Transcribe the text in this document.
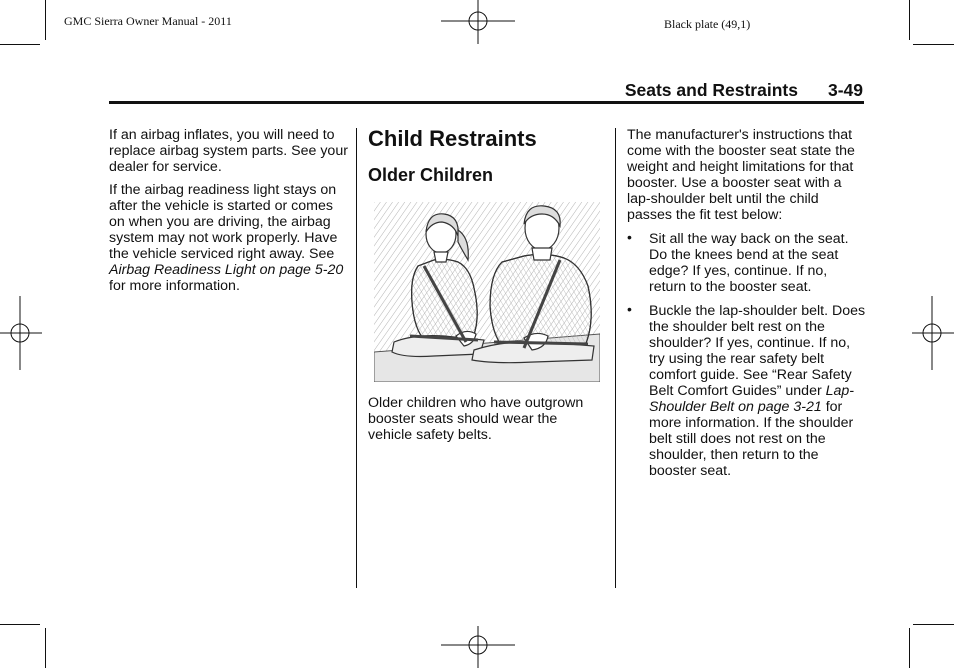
GMC Sierra Owner Manual - 2011	Black plate (49,1)
Seats and Restraints 3-49

If an airbag inflates, you will need to replace airbag system parts. See your dealer for service.

If the airbag readiness light stays on after the vehicle is started or comes on when you are driving, the airbag system may not work properly. Have the vehicle serviced right away. See Airbag Readiness Light on page 5-20 for more information.

Child Restraints
Older Children

Older children who have outgrown booster seats should wear the vehicle safety belts.

The manufacturer's instructions that come with the booster seat state the weight and height limitations for that booster. Use a booster seat with a lap-shoulder belt until the child passes the fit test below:

• Sit all the way back on the seat. Do the knees bend at the seat edge? If yes, continue. If no, return to the booster seat.
• Buckle the lap-shoulder belt. Does the shoulder belt rest on the shoulder? If yes, continue. If no, try using the rear safety belt comfort guide. See “Rear Safety Belt Comfort Guides” under Lap-Shoulder Belt on page 3-21 for more information. If the shoulder belt still does not rest on the shoulder, then return to the booster seat.
